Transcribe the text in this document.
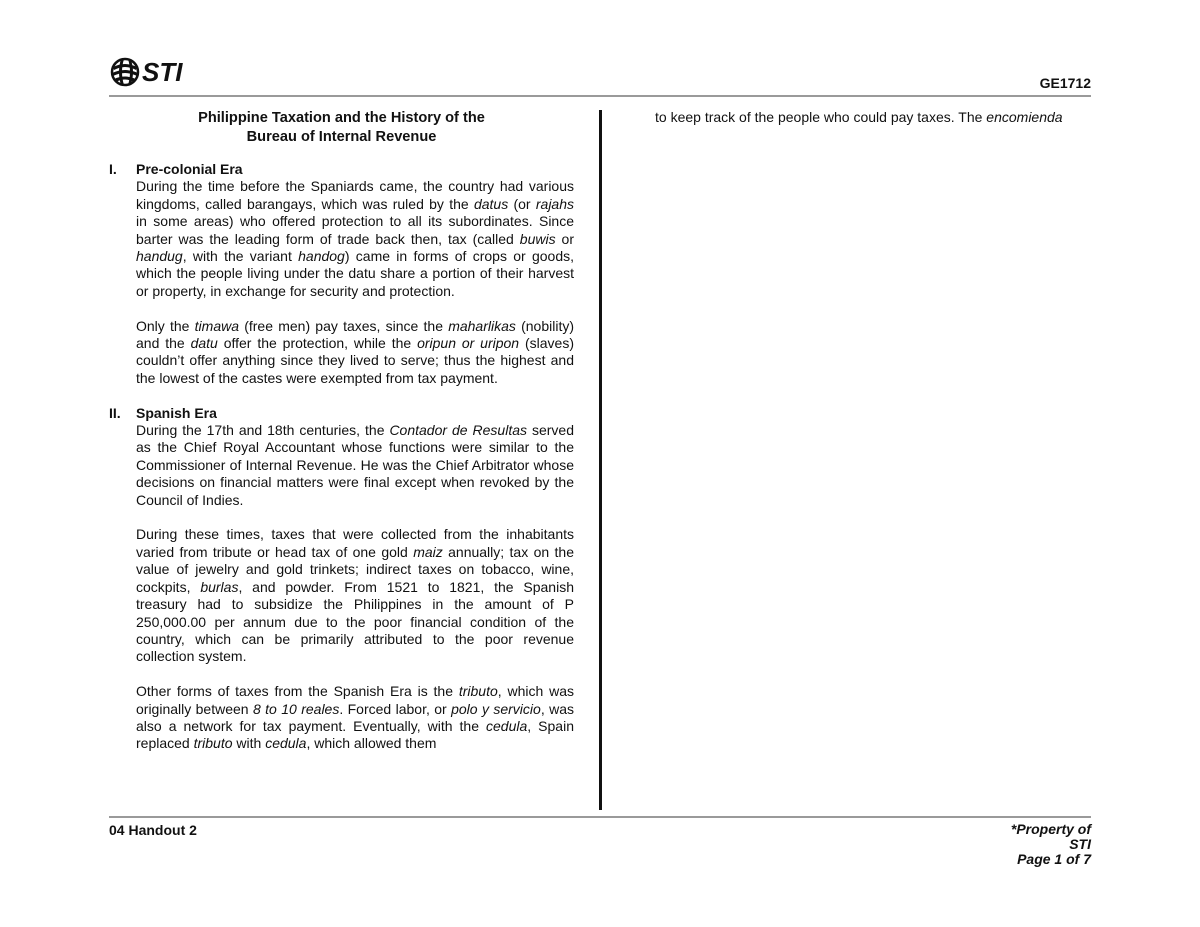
STI	GE1712
Philippine Taxation and the History of the
Bureau of Internal Revenue
I.	Pre-colonial Era

During the time before the Spaniards came, the country had various kingdoms, called barangays, which was ruled by the datus (or rajahs in some areas) who offered protection to all its subordinates. Since barter was the leading form of trade back then, tax (called buwis or handug, with the variant handog) came in forms of crops or goods, which the people living under the datu share a portion of their harvest or property, in exchange for security and protection.

Only the timawa (free men) pay taxes, since the maharlikas (nobility) and the datu offer the protection, while the oripun or uripon (slaves) couldn’t offer anything since they lived to serve; thus the highest and the lowest of the castes were exempted from tax payment.

II.	Spanish Era

During the 17th and 18th centuries, the Contador de Resultas served as the Chief Royal Accountant whose functions were similar to the Commissioner of Internal Revenue. He was the Chief Arbitrator whose decisions on financial matters were final except when revoked by the Council of Indies.

During these times, taxes that were collected from the inhabitants varied from tribute or head tax of one gold maiz annually; tax on the value of jewelry and gold trinkets; indirect taxes on tobacco, wine, cockpits, burlas, and powder. From 1521 to 1821, the Spanish treasury had to subsidize the Philippines in the amount of P 250,000.00 per annum due to the poor financial condition of the country, which can be primarily attributed to the poor revenue collection system.

Other forms of taxes from the Spanish Era is the tributo, which was originally between 8 to 10 reales. Forced labor, or polo y servicio, was also a network for tax payment. Eventually, with the cedula, Spain replaced tributo with cedula, which allowed them

to keep track of the people who could pay taxes. The encomienda

04 Handout 2	*Property of
STI
Page 1 of 7
